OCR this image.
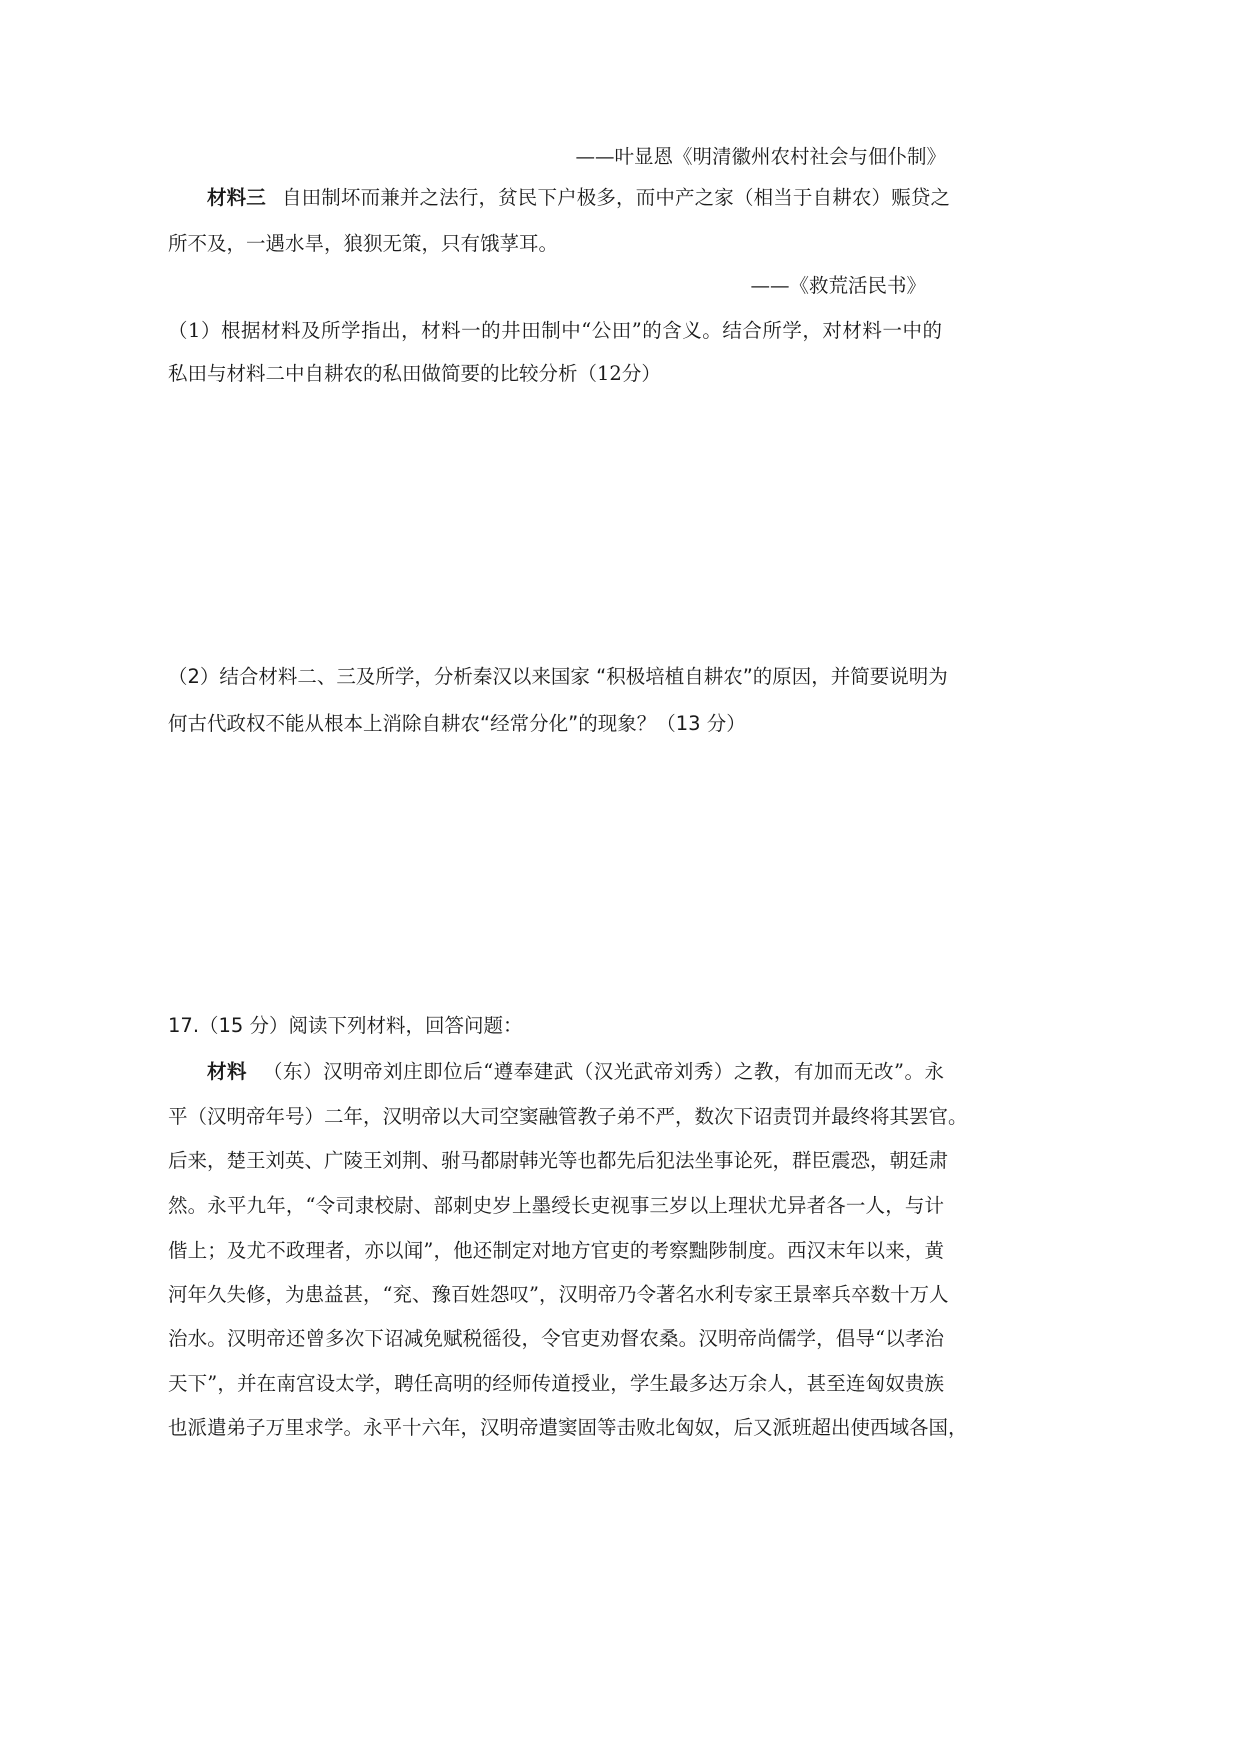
——叶显恩《明清徽州农村社会与佃仆制》
材料三 自田制坏而兼并之法行，贫民下户极多，而中产之家（相当于自耕农）赈贷之
所不及，一遇水旱，狼狈无策，只有饿莩耳。
——《救荒活民书》
（1）根据材料及所学指出，材料一的井田制中“公田”的含义。结合所学，对材料一中的
私田与材料二中自耕农的私田做简要的比较分析（12分）
（2）结合材料二、三及所学，分析秦汉以来国家 “积极培植自耕农”的原因，并简要说明为
何古代政权不能从根本上消除自耕农“经常分化”的现象？（13 分）
17.（15 分）阅读下列材料，回答问题：
材料 （东）汉明帝刘庄即位后“遵奉建武（汉光武帝刘秀）之教，有加而无改”。永
平（汉明帝年号）二年，汉明帝以大司空窦融管教子弟不严，数次下诏责罚并最终将其罢官。
后来，楚王刘英、广陵王刘荆、驸马都尉韩光等也都先后犯法坐事论死，群臣震恐，朝廷肃
然。永平九年，“令司隶校尉、部刺史岁上墨绶长吏视事三岁以上理状尤异者各一人，与计
偕上；及尤不政理者，亦以闻”，他还制定对地方官吏的考察黜陟制度。西汉末年以来，黄
河年久失修，为患益甚，“兖、豫百姓怨叹”，汉明帝乃令著名水利专家王景率兵卒数十万人
治水。汉明帝还曾多次下诏减免赋税徭役，令官吏劝督农桑。汉明帝尚儒学，倡导“以孝治
天下”，并在南宫设太学，聘任高明的经师传道授业，学生最多达万余人，甚至连匈奴贵族
也派遣弟子万里求学。永平十六年，汉明帝遣窦固等击败北匈奴，后又派班超出使西域各国，
